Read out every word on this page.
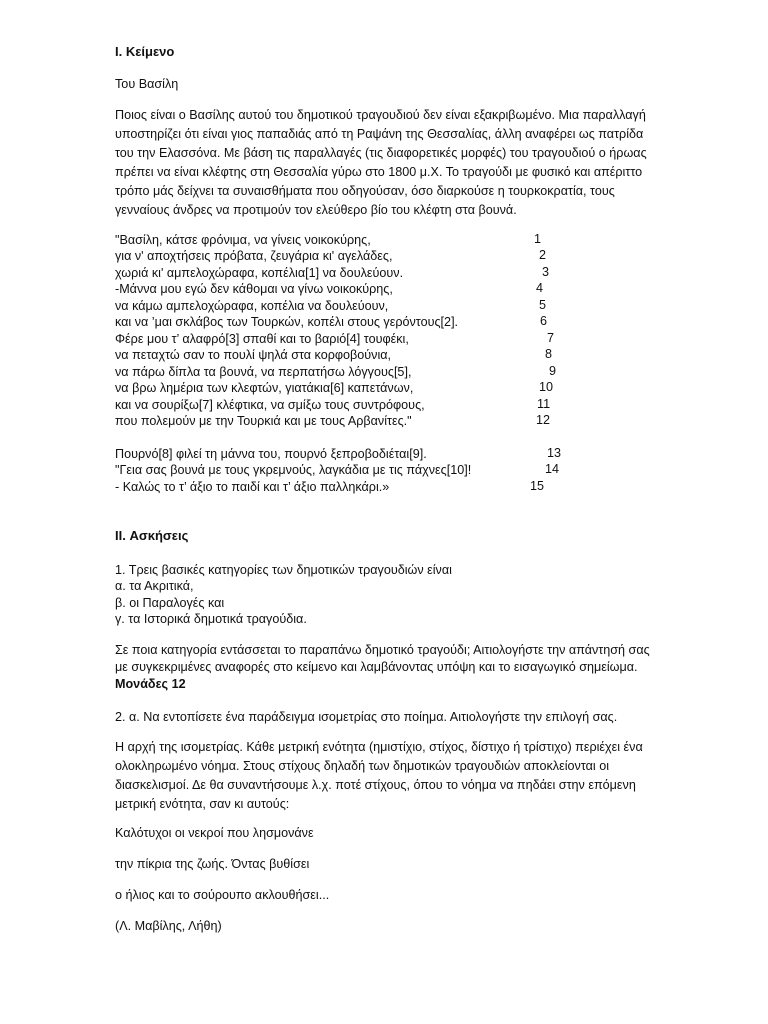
I. Κείμενο
Του Βασίλη
Ποιος είναι ο Βασίλης αυτού του δημοτικού τραγουδιού δεν είναι εξακριβωμένο. Μια παραλλαγή υποστηρίζει ότι είναι γιος παπαδιάς από τη Ραψάνη της Θεσσαλίας, άλλη αναφέρει ως πατρίδα του την Ελασσόνα. Με βάση τις παραλλαγές (τις διαφορετικές μορφές) του τραγουδιού ο ήρωας πρέπει να είναι κλέφτης στη Θεσσαλία γύρω στο 1800 μ.Χ. Το τραγούδι με φυσικό και απέριττο τρόπο μάς δείχνει τα συναισθήματα που οδηγούσαν, όσο διαρκούσε η τουρκοκρατία, τους γενναίους άνδρες να προτιμούν τον ελεύθερο βίο του κλέφτη στα βουνά.
"Βασίλη, κάτσε φρόνιμα, να γίνεις νοικοκύρης,	1
για ν' αποχτήσεις πρόβατα, ζευγάρια κι' αγελάδες,	2
χωριά κι' αμπελοχώραφα, κοπέλια[1] να δουλεύουν.	3
-Μάννα μου εγώ δεν κάθομαι να γίνω νοικοκύρης,	4
να κάμω αμπελοχώραφα, κοπέλια να δουλεύουν,	5
και να ’μαι σκλάβος των Τουρκών, κοπέλι στους γερόντους[2].	6
Φέρε μου τ’ αλαφρό[3] σπαθί και το βαριό[4] τουφέκι,	7
να πεταχτώ σαν το πουλί ψηλά στα κορφοβούνια,	8
να πάρω δίπλα τα βουνά, να περπατήσω λόγγους[5],	9
να βρω λημέρια των κλεφτών, γιατάκια[6] καπετάνων,	10
και να σουρίξω[7] κλέφτικα, να σμίξω τους συντρόφους,	11
που πολεμούν με την Τουρκιά και με τους Αρβανίτες."	12
Πουρνό[8] φιλεί τη μάννα του, πουρνό ξεπροβοδιέται[9].	13
"Γεια σας βουνά με τους γκρεμνούς, λαγκάδια με τις πάχνες[10]!	14
- Καλώς το τ’ άξιο το παιδί και τ’ άξιο παλληκάρι.»	15
II. Ασκήσεις
1. Τρεις βασικές κατηγορίες των δημοτικών τραγουδιών είναι
α. τα Ακριτικά,
β. οι Παραλογές και
γ. τα Ιστορικά δημοτικά τραγούδια.
Σε ποια κατηγορία εντάσσεται το παραπάνω δημοτικό τραγούδι; Αιτιολογήστε την απάντησή σας με συγκεκριμένες αναφορές στο κείμενο και λαμβάνοντας υπόψη και το εισαγωγικό σημείωμα.
Μονάδες 12
2. α. Να εντοπίσετε ένα παράδειγμα ισομετρίας στο ποίημα. Αιτιολογήστε την επιλογή σας.
Η αρχή της ισομετρίας. Κάθε μετρική ενότητα (ημιστίχιο, στίχος, δίστιχο ή τρίστιχο) περιέχει ένα ολοκληρωμένο νόημα. Στους στίχους δηλαδή των δημοτικών τραγουδιών αποκλείονται οι διασκελισμοί. Δε θα συναντήσουμε λ.χ. ποτέ στίχους, όπου το νόημα να πηδάει στην επόμενη μετρική ενότητα, σαν κι αυτούς:
Καλότυχοι οι νεκροί που λησμονάνε
την πίκρια της ζωής. Όντας βυθίσει
ο ήλιος και το σούρουπο ακλουθήσει...
(Λ. Μαβίλης, Λήθη)
